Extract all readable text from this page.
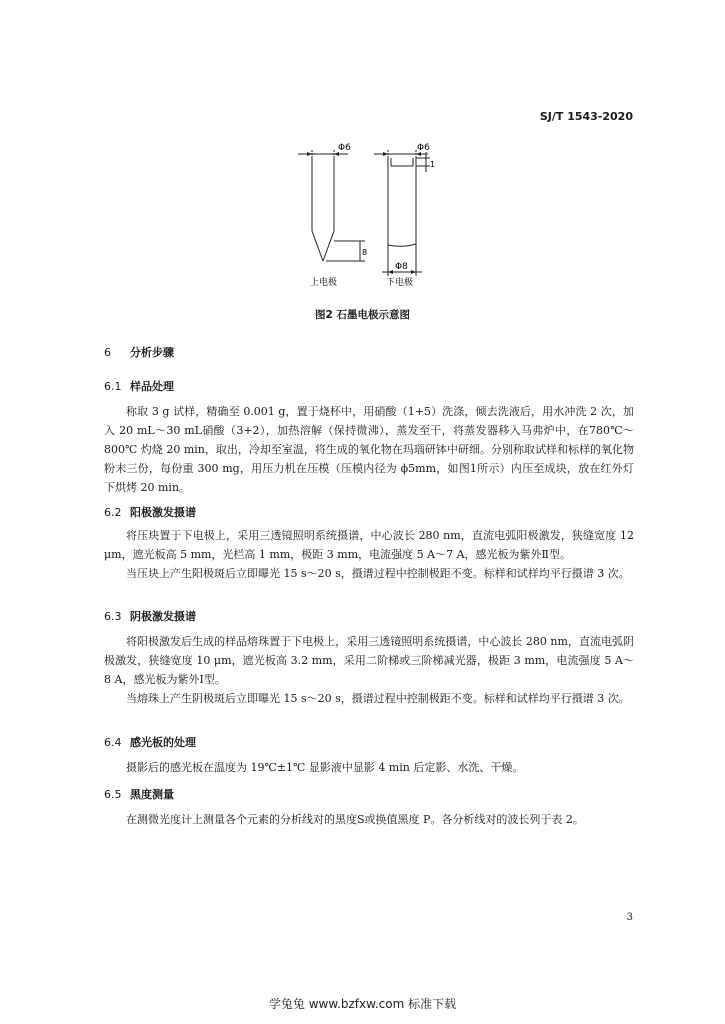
SJ/T 1543-2020
Φ6
8
Φ6
1
Φ8
上电极	下电极
图2 石墨电极示意图
6 分析步骤
6.1 样品处理

称取 3 g 试样，精确至 0.001 g，置于烧杯中，用硝酸（1+5）洗涤，倾去洗液后，用水冲洗 2 次，加入 20 mL～30 mL硝酸（3+2），加热溶解（保持微沸），蒸发至干，将蒸发器移入马弗炉中，在780℃～800℃ 灼烧 20 min，取出，冷却至室温，将生成的氧化物在玛瑙研钵中研细。分别称取试样和标样的氧化物粉末三份，每份重 300 mg，用压力机在压模（压模内径为 ϕ5mm，如图1所示）内压至成块，放在红外灯下烘烤 20 min。

6.2 阳极激发摄谱

将压块置于下电极上，采用三透镜照明系统摄谱，中心波长 280 nm，直流电弧阳极激发，狭缝宽度 12 μm，遮光板高 5 mm，光栏高 1 mm，极距 3 mm，电流强度 5 A～7 A，感光板为紫外Ⅱ型。

当压块上产生阳极斑后立即曝光 15 s～20 s，摄谱过程中控制极距不变。标样和试样均平行摄谱 3 次。

6.3 阴极激发摄谱

将阳极激发后生成的样品熔珠置于下电极上，采用三透镜照明系统摄谱，中心波长 280 nm，直流电弧阴极激发，狭缝宽度 10 μm，遮光板高 3.2 mm，采用二阶梯或三阶梯减光器，极距 3 mm，电流强度 5 A～8 A，感光板为紫外Ⅰ型。

当熔珠上产生阴极斑后立即曝光 15 s～20 s，摄谱过程中控制极距不变。标样和试样均平行摄谱 3 次。

6.4 感光板的处理

摄影后的感光板在温度为 19℃±1℃ 显影液中显影 4 min 后定影、水洗、干燥。

6.5 黑度测量

在测微光度计上测量各个元素的分析线对的黑度S或换值黑度 P。各分析线对的波长列于表 2。

3
学兔兔 www.bzfxw.com 标准下载
